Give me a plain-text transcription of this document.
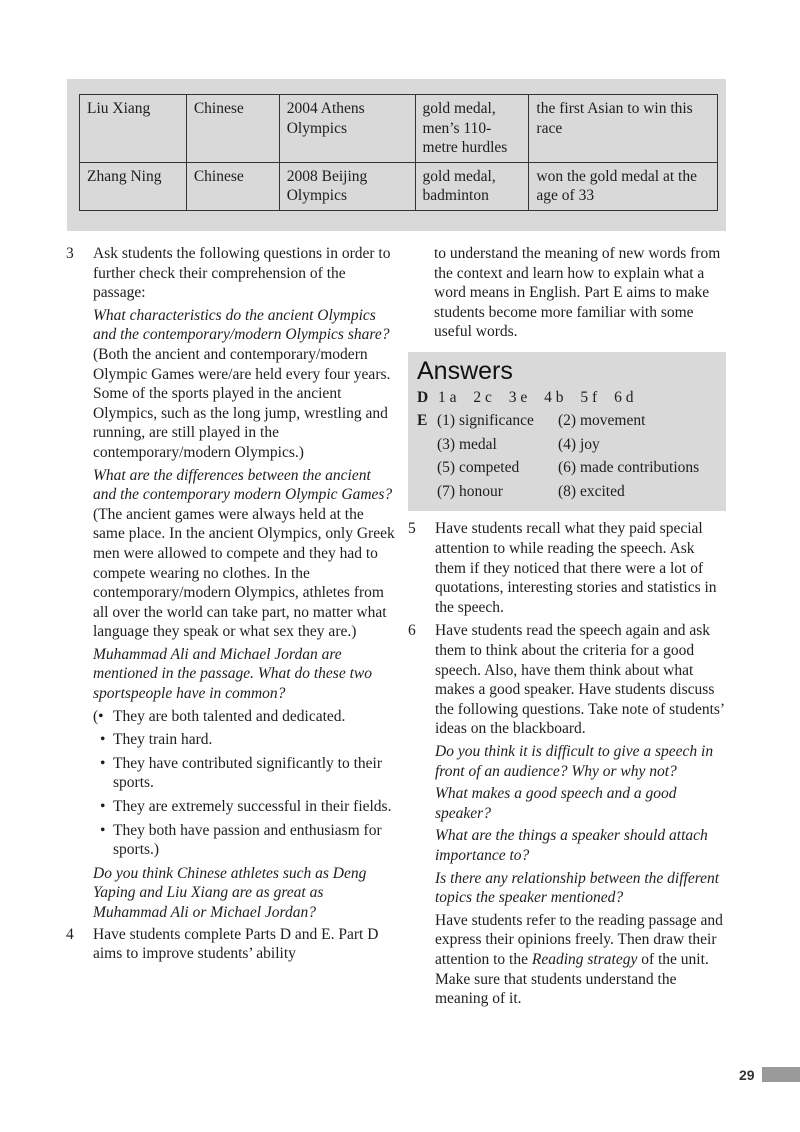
Liu Xiang	Chinese	2004 Athens Olympics	gold medal, men’s 110-metre hurdles	the first Asian to win this race
Zhang Ning	Chinese	2008 Beijing Olympics	gold medal, badminton	won the gold medal at the age of 33
3 Ask students the following questions in order to further check their comprehension of the passage:

What characteristics do the ancient Olympics and the contemporary/modern Olympics share? (Both the ancient and contemporary/modern Olympic Games were/are held every four years. Some of the sports played in the ancient Olympics, such as the long jump, wrestling and running, are still played in the contemporary/modern Olympics.)

What are the differences between the ancient and the contemporary modern Olympic Games? (The ancient games were always held at the same place. In the ancient Olympics, only Greek men were allowed to compete and they had to compete wearing no clothes. In the contemporary/modern Olympics, athletes from all over the world can take part, no matter what language they speak or what sex they are.)

Muhammad Ali and Michael Jordan are mentioned in the passage. What do these two sportspeople have in common?

(• They are both talented and dedicated.
• They train hard.
• They have contributed significantly to their sports.
• They are extremely successful in their fields.
• They both have passion and enthusiasm for sports.)

Do you think Chinese athletes such as Deng Yaping and Liu Xiang are as great as Muhammad Ali or Michael Jordan?

4 Have students complete Parts D and E. Part D aims to improve students’ ability

to understand the meaning of new words from the context and learn how to explain what a word means in English. Part E aims to make students become more familiar with some useful words.

Answers
D 1 a 2 c 3 e 4 b 5 f 6 d
E (1) significance	(2) movement
(3) medal	(4) joy
(5) competed	(6) made contributions
(7) honour	(8) excited
5 Have students recall what they paid special attention to while reading the speech. Ask them if they noticed that there were a lot of quotations, interesting stories and statistics in the speech.

6 Have students read the speech again and ask them to think about the criteria for a good speech. Also, have them think about what makes a good speaker. Have students discuss the following questions. Take note of students’ ideas on the blackboard.

Do you think it is difficult to give a speech in front of an audience? Why or why not?

What makes a good speech and a good speaker?

What are the things a speaker should attach importance to?

Is there any relationship between the different topics the speaker mentioned?

Have students refer to the reading passage and express their opinions freely. Then draw their attention to the Reading strategy of the unit. Make sure that students understand the meaning of it.

29
